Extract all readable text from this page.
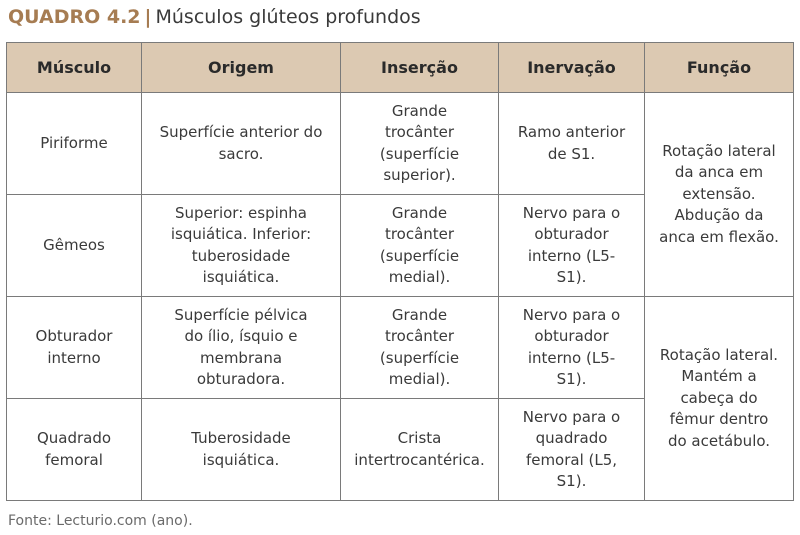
QUADRO 4.2 | Músculos glúteos profundos
Músculo	Origem	Inserção	Inervação	Função
Piriforme	Superfície anterior do sacro.	Grande trocânter (superfície superior).	Ramo anterior de S1.	Rotação lateral da anca em extensão. Abdução da anca em flexão.
Gêmeos	Superior: espinha isquiática. Inferior: tuberosidade isquiática.	Grande trocânter (superfície medial).	Nervo para o obturador interno (L5-S1).	
Obturador interno	Superfície pélvica do ílio, ísquio e membrana obturadora.	Grande trocânter (superfície medial).	Nervo para o obturador interno (L5-S1).	Rotação lateral. Mantém a cabeça do fêmur dentro do acetábulo.
Quadrado femoral	Tuberosidade isquiática.	Crista intertrocantérica.	Nervo para o quadrado femoral (L5, S1).	
Fonte: Lecturio.com (ano).
